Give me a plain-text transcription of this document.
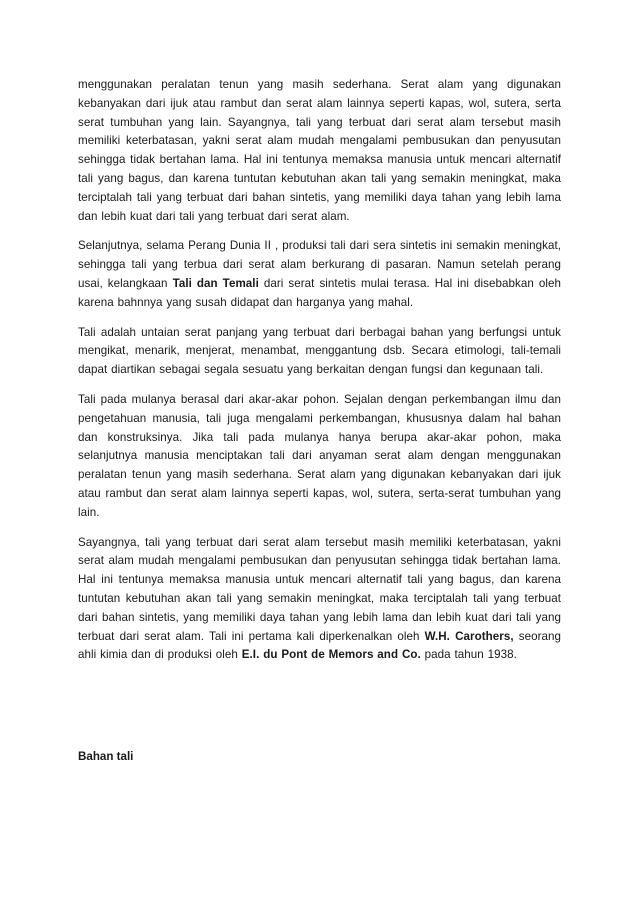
menggunakan peralatan tenun yang masih sederhana. Serat alam yang digunakan kebanyakan dari ijuk atau rambut dan serat alam lainnya seperti kapas, wol, sutera, serta serat tumbuhan yang lain. Sayangnya, tali yang terbuat dari serat alam tersebut masih memiliki keterbatasan, yakni serat alam mudah mengalami pembusukan dan penyusutan sehingga tidak bertahan lama. Hal ini tentunya memaksa manusia untuk mencari alternatif tali yang bagus, dan karena tuntutan kebutuhan akan tali yang semakin meningkat, maka terciptalah tali yang terbuat dari bahan sintetis, yang memiliki daya tahan yang lebih lama dan lebih kuat dari tali yang terbuat dari serat alam.

Selanjutnya, selama Perang Dunia II , produksi tali dari sera sintetis ini semakin meningkat, sehingga tali yang terbua dari serat alam berkurang di pasaran. Namun setelah perang usai, kelangkaan Tali dan Temali dari serat sintetis mulai terasa. Hal ini disebabkan oleh karena bahnnya yang susah didapat dan harganya yang mahal.

Tali adalah untaian serat panjang yang terbuat dari berbagai bahan yang berfungsi untuk mengikat, menarik, menjerat, menambat, menggantung dsb. Secara etimologi, tali-temali dapat diartikan sebagai segala sesuatu yang berkaitan dengan fungsi dan kegunaan tali.

Tali pada mulanya berasal dari akar-akar pohon. Sejalan dengan perkembangan ilmu dan pengetahuan manusia, tali juga mengalami perkembangan, khususnya dalam hal bahan dan konstruksinya. Jika tali pada mulanya hanya berupa akar-akar pohon, maka selanjutnya manusia menciptakan tali dari anyaman serat alam dengan menggunakan peralatan tenun yang masih sederhana. Serat alam yang digunakan kebanyakan dari ijuk atau rambut dan serat alam lainnya seperti kapas, wol, sutera, serta-serat tumbuhan yang lain.

Sayangnya, tali yang terbuat dari serat alam tersebut masih memiliki keterbatasan, yakni serat alam mudah mengalami pembusukan dan penyusutan sehingga tidak bertahan lama. Hal ini tentunya memaksa manusia untuk mencari alternatif tali yang bagus, dan karena tuntutan kebutuhan akan tali yang semakin meningkat, maka terciptalah tali yang terbuat dari bahan sintetis, yang memiliki daya tahan yang lebih lama dan lebih kuat dari tali yang terbuat dari serat alam. Tali ini pertama kali diperkenalkan oleh W.H. Carothers, seorang ahli kimia dan di produksi oleh E.I. du Pont de Memors and Co. pada tahun 1938.

Bahan tali
